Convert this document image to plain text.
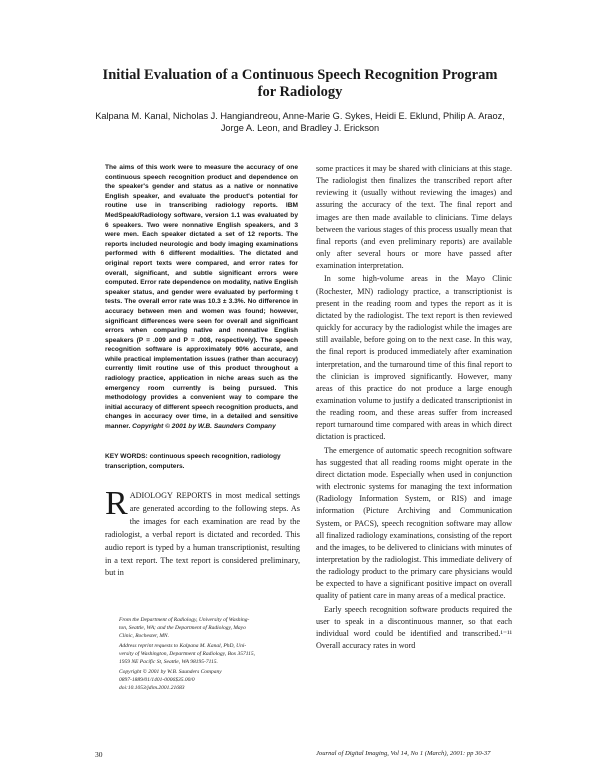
Initial Evaluation of a Continuous Speech Recognition Program for Radiology

Kalpana M. Kanal, Nicholas J. Hangiandreou, Anne-Marie G. Sykes, Heidi E. Eklund, Philip A. Araoz, Jorge A. Leon, and Bradley J. Erickson

The aims of this work were to measure the accuracy of one continuous speech recognition product and dependence on the speaker's gender and status as a native or nonnative English speaker, and evaluate the product's potential for routine use in transcribing radiology reports. IBM MedSpeak/Radiology software, version 1.1 was evaluated by 6 speakers. Two were nonnative English speakers, and 3 were men. Each speaker dictated a set of 12 reports. The reports included neurologic and body imaging examinations performed with 6 different modalities. The dictated and original report texts were compared, and error rates for overall, significant, and subtle significant errors were computed. Error rate dependence on modality, native English speaker status, and gender were evaluated by performing t tests. The overall error rate was 10.3 ± 3.3%. No difference in accuracy between men and women was found; however, significant differences were seen for overall and significant errors when comparing native and nonnative English speakers (P = .009 and P = .008, respectively). The speech recognition software is approximately 90% accurate, and while practical implementation issues (rather than accuracy) currently limit routine use of this product throughout a radiology practice, application in niche areas such as the emergency room currently is being pursued. This methodology provides a convenient way to compare the initial accuracy of different speech recognition products, and changes in accuracy over time, in a detailed and sensitive manner. Copyright © 2001 by W.B. Saunders Company

KEY WORDS: continuous speech recognition, radiology transcription, computers.

RADIOLOGY REPORTS in most medical settings are generated according to the following steps. As the images for each examination are read by the radiologist, a verbal report is dictated and recorded. This audio report is typed by a human transcriptionist, resulting in a text report. The text report is considered preliminary, but in

From the Department of Radiology, University of Washing-
ton, Seattle, WA; and the Department of Radiology, Mayo
Clinic, Rochester, MN.

Address reprint requests to Kalpana M. Kanal, PhD, Uni-
versity of Washington, Department of Radiology, Box 357115,
1959 NE Pacific St, Seattle, WA 98195-7115.

Copyright © 2001 by W.B. Saunders Company
0897-1889/01/1401-0006$35.00/0
doi:10.1053/jdim.2001.21683

some practices it may be shared with clinicians at this stage. The radiologist then finalizes the transcribed report after reviewing it (usually without reviewing the images) and assuring the accuracy of the text. The final report and images are then made available to clinicians. Time delays between the various stages of this process usually mean that final reports (and even preliminary reports) are available only after several hours or more have passed after examination interpretation.

In some high-volume areas in the Mayo Clinic (Rochester, MN) radiology practice, a transcriptionist is present in the reading room and types the report as it is dictated by the radiologist. The text report is then reviewed quickly for accuracy by the radiologist while the images are still available, before going on to the next case. In this way, the final report is produced immediately after examination interpretation, and the turnaround time of this final report to the clinician is improved significantly. However, many areas of this practice do not produce a large enough examination volume to justify a dedicated transcriptionist in the reading room, and these areas suffer from increased report turnaround time compared with areas in which direct dictation is practiced.

The emergence of automatic speech recognition software has suggested that all reading rooms might operate in the direct dictation mode. Especially when used in conjunction with electronic systems for managing the text information (Radiology Information System, or RIS) and image information (Picture Archiving and Communication System, or PACS), speech recognition software may allow all finalized radiology examinations, consisting of the report and the images, to be delivered to clinicians with minutes of interpretation by the radiologist. This immediate delivery of the radiology product to the primary care physicians would be expected to have a significant positive impact on overall quality of patient care in many areas of a medical practice.

Early speech recognition software products required the user to speak in a discontinuous manner, so that each individual word could be identified and transcribed.¹⁻¹¹ Overall accuracy rates in word

30	Journal of Digital Imaging, Vol 14, No 1 (March), 2001: pp 30-37
